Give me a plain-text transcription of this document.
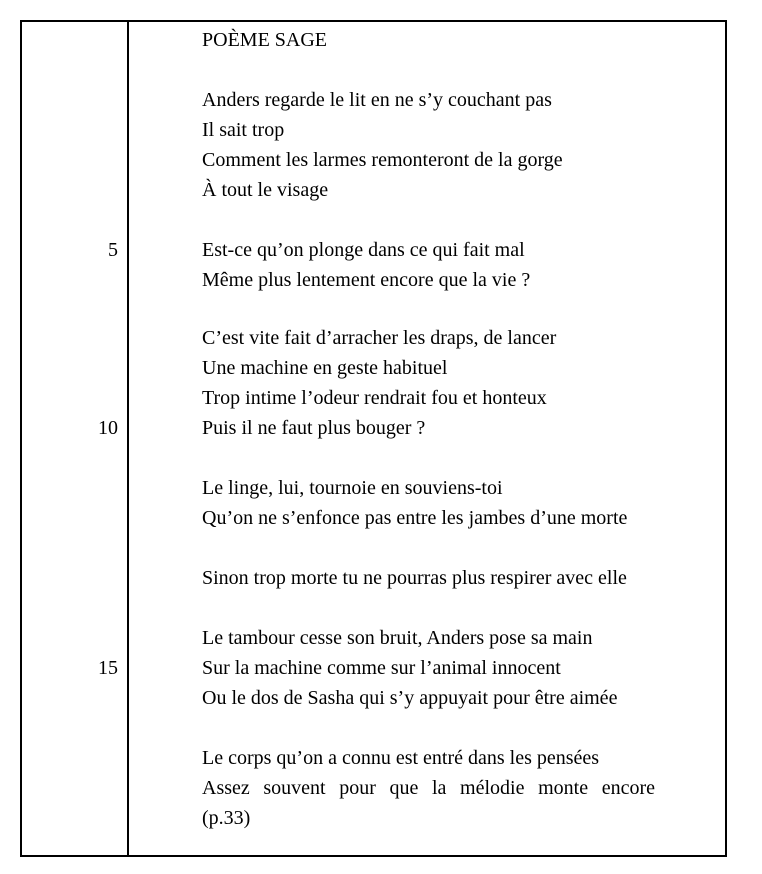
POÈME SAGE
Anders regarde le lit en ne s’y couchant pas
Il sait trop
Comment les larmes remonteront de la gorge
À tout le visage
5	Est-ce qu’on plonge dans ce qui fait mal
Même plus lentement encore que la vie ?
C’est vite fait d’arracher les draps, de lancer
Une machine en geste habituel
Trop intime l’odeur rendrait fou et honteux
10	Puis il ne faut plus bouger ?
Le linge, lui, tournoie en souviens-toi
Qu’on ne s’enfonce pas entre les jambes d’une morte
Sinon trop morte tu ne pourras plus respirer avec elle
Le tambour cesse son bruit, Anders pose sa main
15	Sur la machine comme sur l’animal innocent
Ou le dos de Sasha qui s’y appuyait pour être aimée
Le corps qu’on a connu est entré dans les pensées
Assez souvent pour que la mélodie monte encore
(p.33)
